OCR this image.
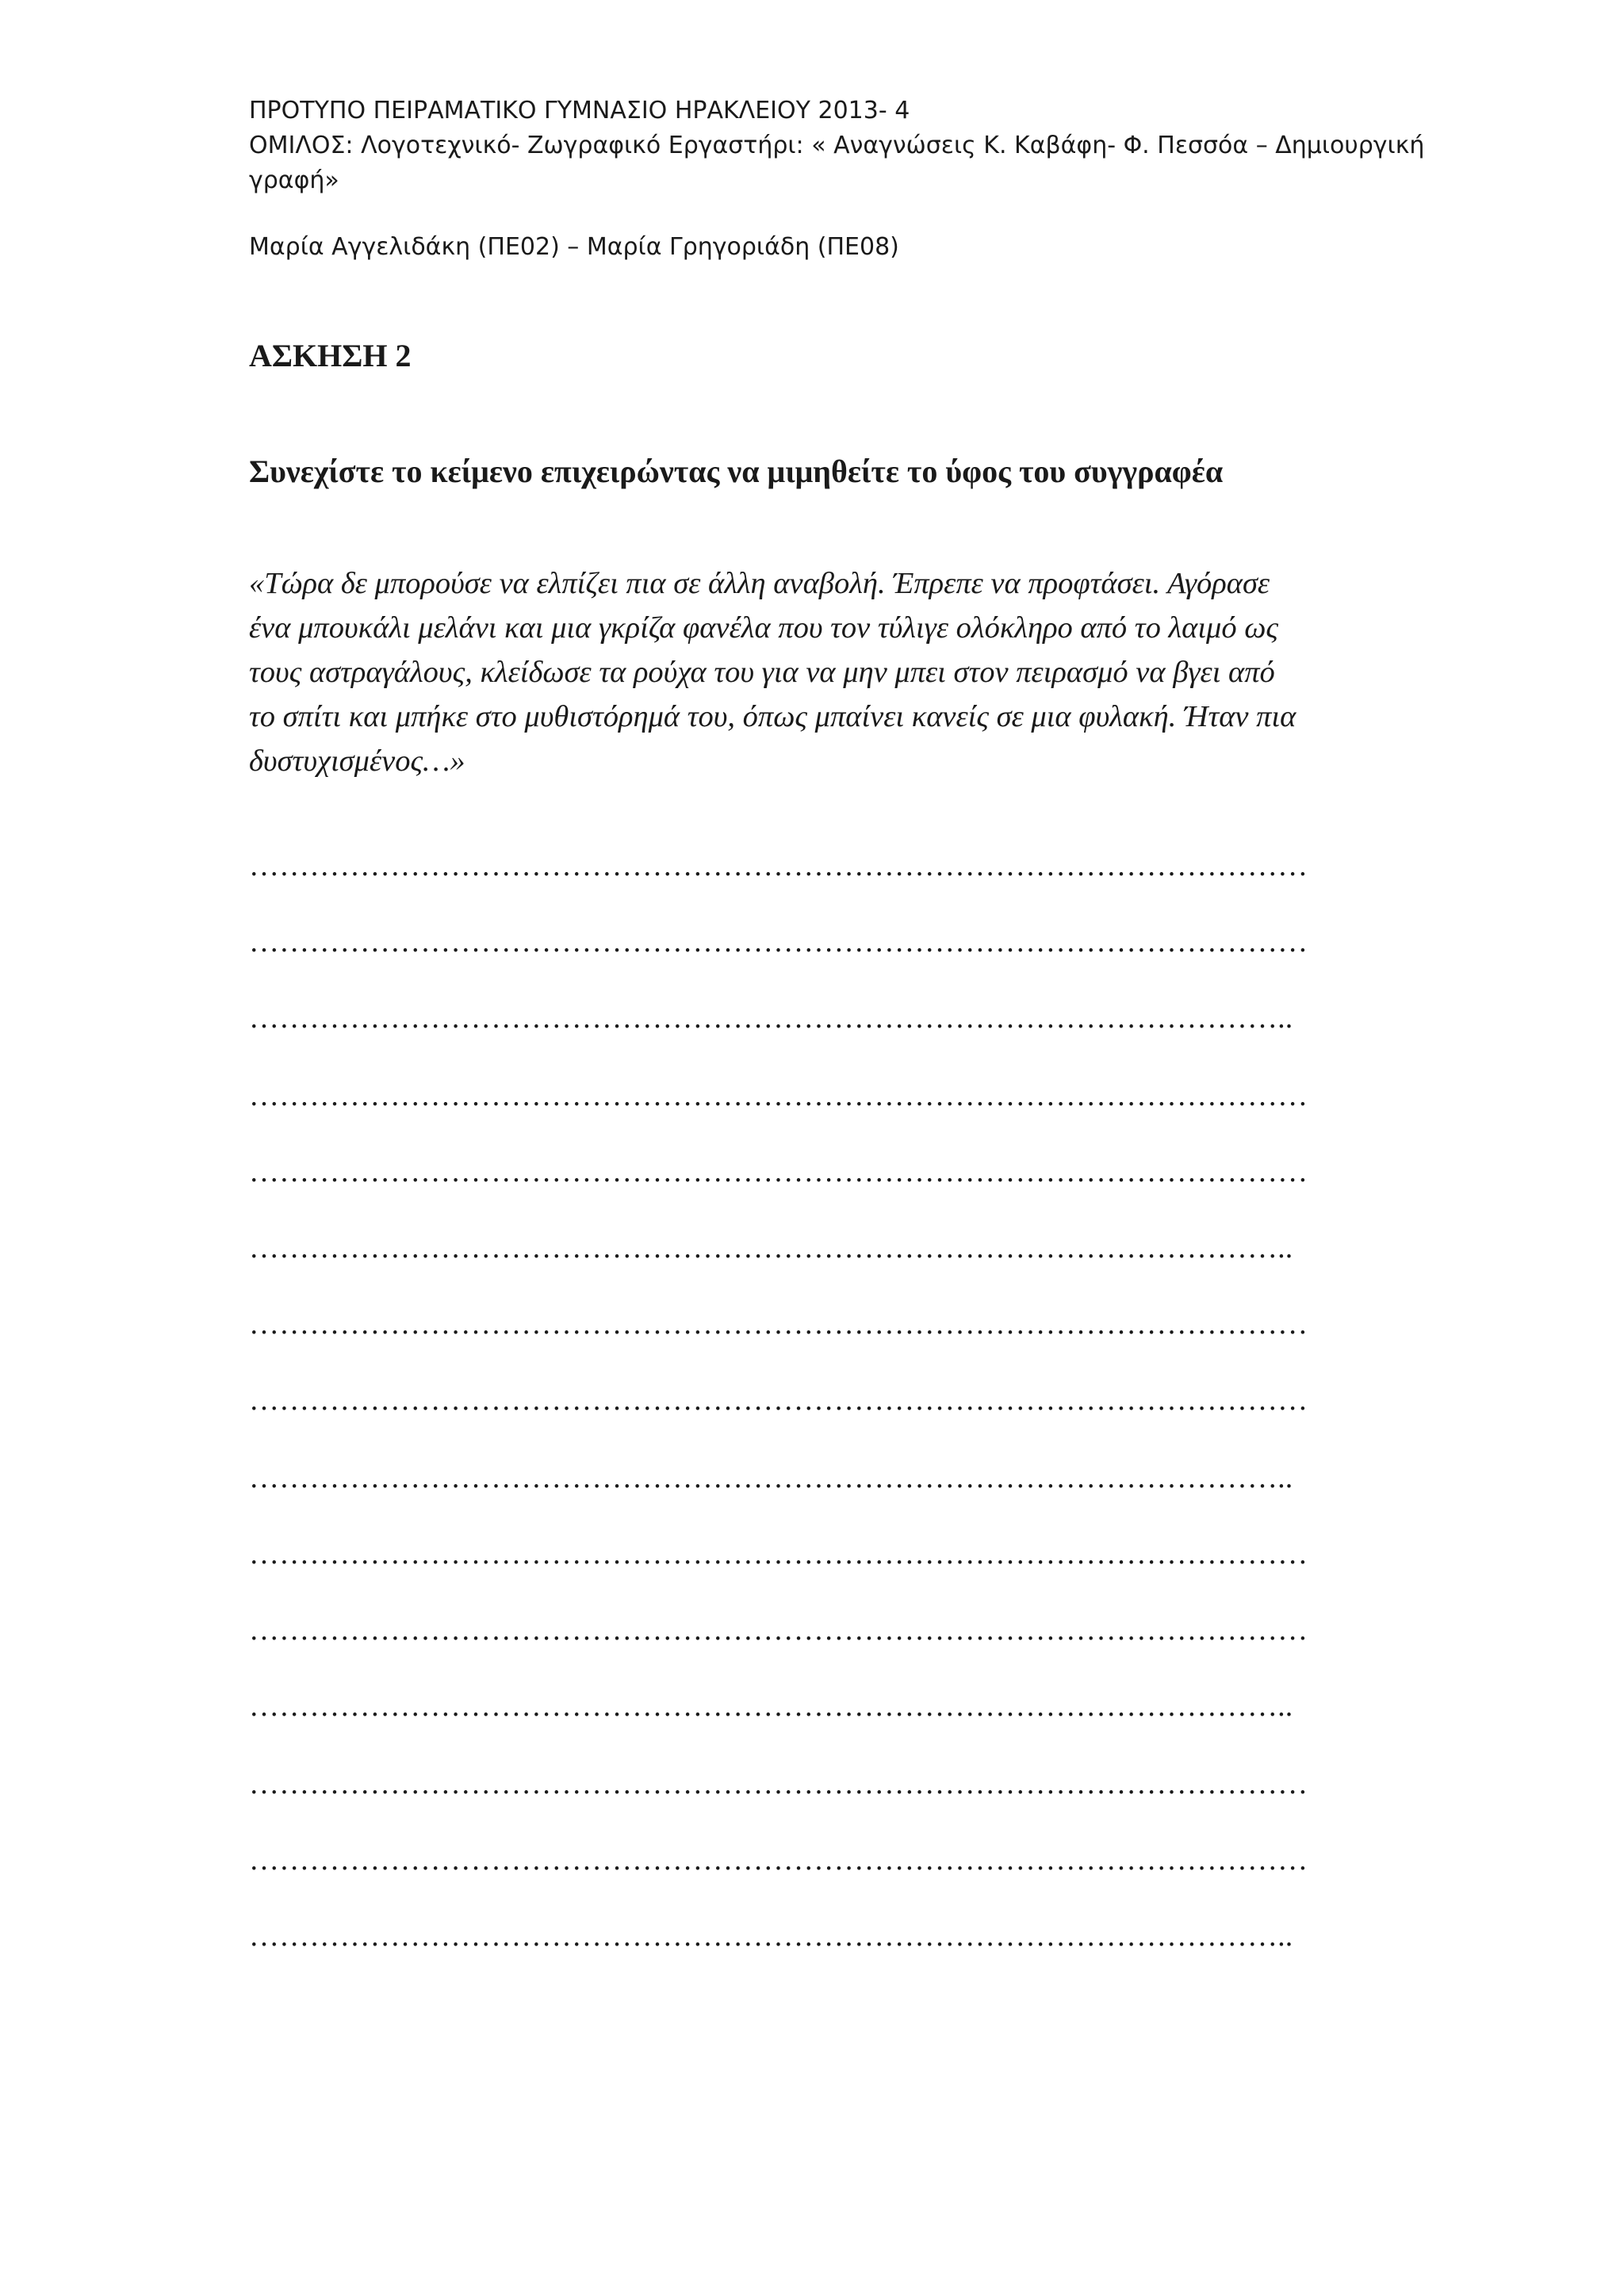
ΠΡΟΤΥΠΟ ΠΕΙΡΑΜΑΤΙΚΟ ΓΥΜΝΑΣΙΟ ΗΡΑΚΛΕΙΟΥ 2013- 4
ΟΜΙΛΟΣ: Λογοτεχνικό- Ζωγραφικό Εργαστήρι: « Αναγνώσεις Κ. Καβάφη- Φ. Πεσσόα – Δημιουργική
γραφή»
Μαρία Αγγελιδάκη (ΠΕ02) – Μαρία Γρηγοριάδη (ΠΕ08)
ΑΣΚΗΣΗ 2
Συνεχίστε το κείμενο επιχειρώντας να μιμηθείτε το ύφος του συγγραφέα
«Τώρα δε μπορούσε να ελπίζει πια σε άλλη αναβολή. Έπρεπε να προφτάσει. Αγόρασε
ένα μπουκάλι μελάνι και μια γκρίζα φανέλα που τον τύλιγε ολόκληρο από το λαιμό ως
τους αστραγάλους, κλείδωσε τα ρούχα του για να μην μπει στον πειρασμό να βγει από
το σπίτι και μπήκε στο μυθιστόρημά του, όπως μπαίνει κανείς σε μια φυλακή. Ήταν πια
δυστυχισμένος…»
……………………………………………………………………………………………
……………………………………………………………………………………………
…………………………………………………………………………………………..
……………………………………………………………………………………………
……………………………………………………………………………………………
…………………………………………………………………………………………..
……………………………………………………………………………………………
……………………………………………………………………………………………
…………………………………………………………………………………………..
……………………………………………………………………………………………
……………………………………………………………………………………………
…………………………………………………………………………………………..
……………………………………………………………………………………………
……………………………………………………………………………………………
…………………………………………………………………………………………..
